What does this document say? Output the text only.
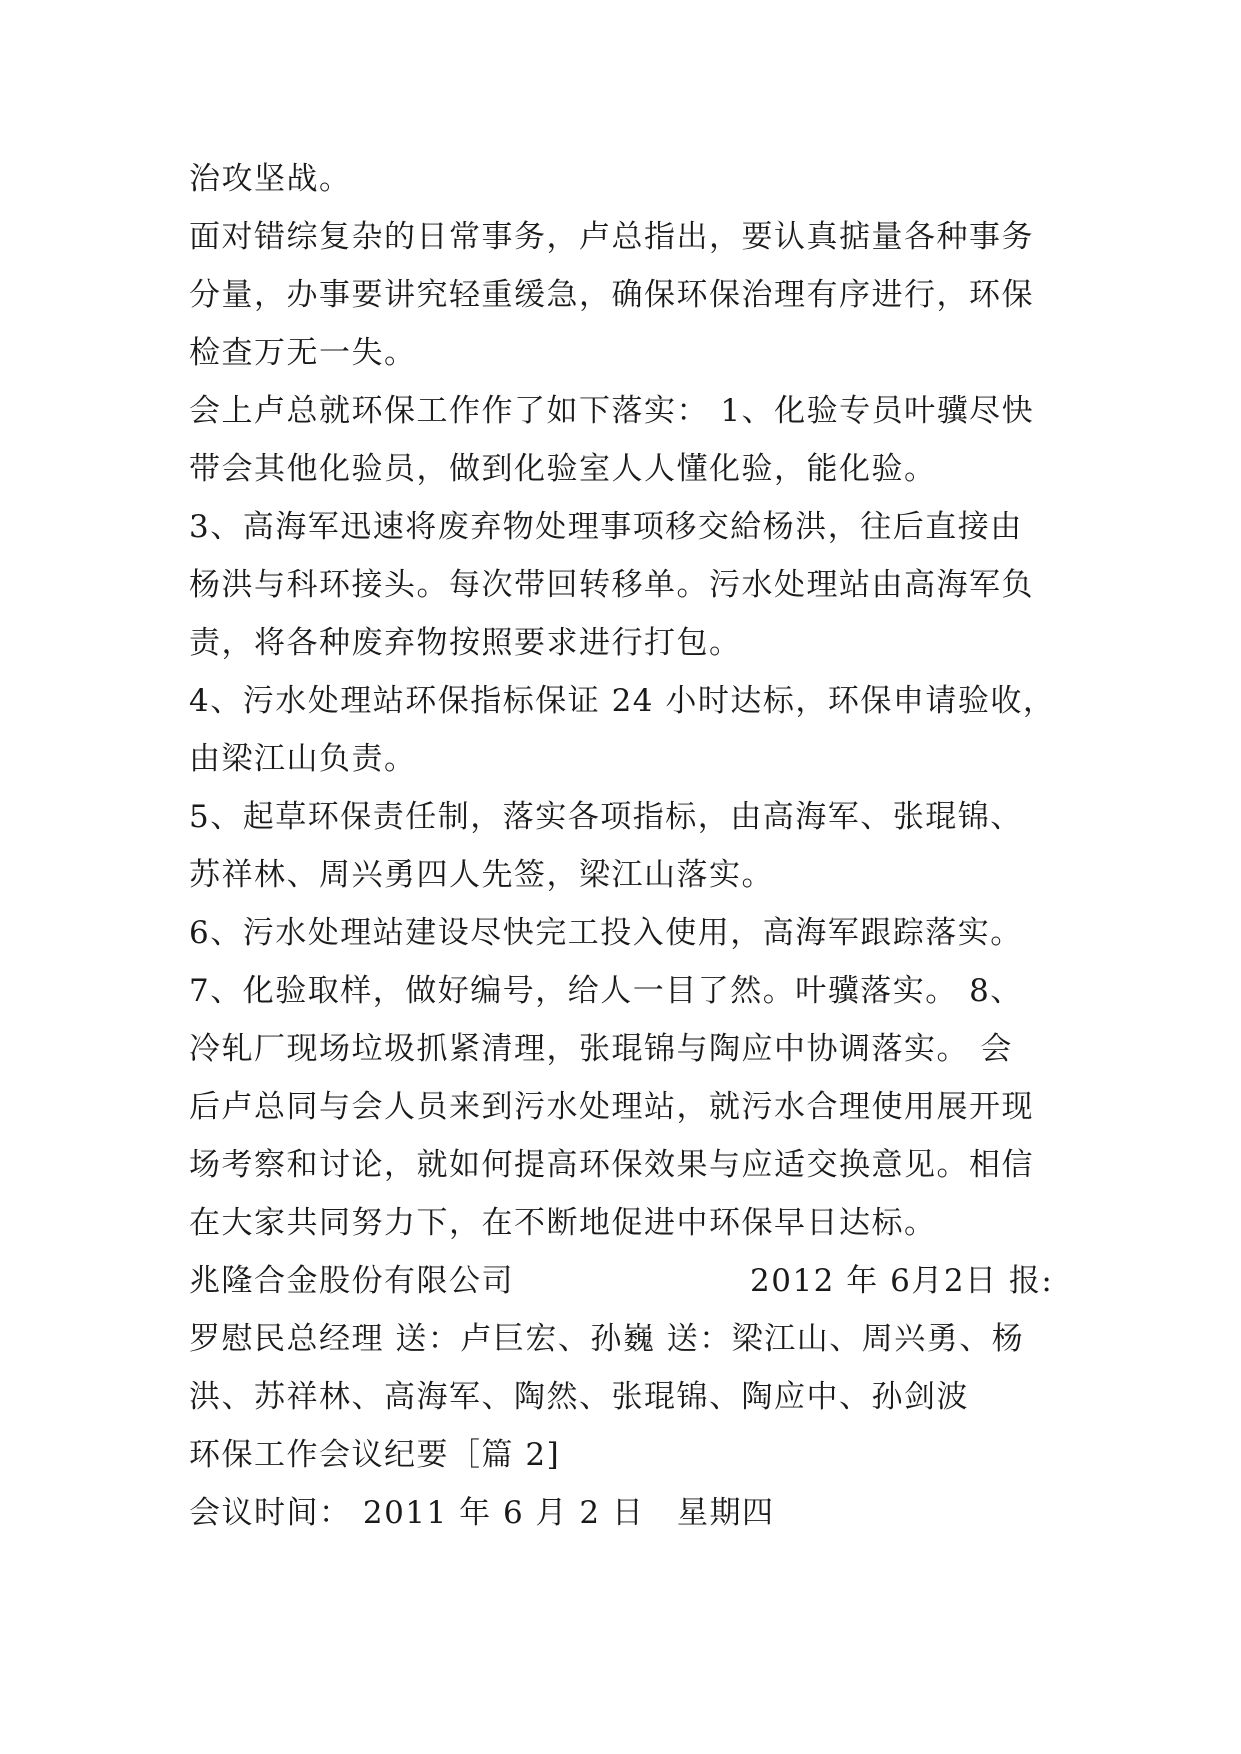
治攻坚战。
面对错综复杂的日常事务，卢总指出，要认真掂量各种事务
分量，办事要讲究轻重缓急，确保环保治理有序进行，环保
检查万无一失。
会上卢总就环保工作作了如下落实： 1、化验专员叶骥尽快
带会其他化验员，做到化验室人人懂化验，能化验。
3、高海军迅速将废弃物处理事项移交給杨洪，往后直接由
杨洪与科环接头。每次带回转移单。污水处理站由高海军负
责，将各种废弃物按照要求进行打包。
4、污水处理站环保指标保证 24 小时达标，环保申请验收，
由梁江山负责。
5、起草环保责任制，落实各项指标，由高海军、张琨锦、
苏祥林、周兴勇四人先签，梁江山落实。
6、污水处理站建设尽快完工投入使用，高海军跟踪落实。
7、化验取样，做好编号，给人一目了然。叶骥落实。 8、
冷轧厂现场垃圾抓紧清理，张琨锦与陶应中协调落实。 会
后卢总同与会人员来到污水处理站，就污水合理使用展开现
场考察和讨论，就如何提高环保效果与应适交换意见。相信
在大家共同努力下，在不断地促进中环保早日达标。
兆隆合金股份有限公司	2012 年 6月2日 报:
罗慰民总经理 送：卢巨宏、孙巍 送：梁江山、周兴勇、杨
洪、苏祥林、高海军、陶然、张琨锦、陶应中、孙剑波
环保工作会议纪要［篇 2]
会议时间： 2011 年 6 月 2 日　星期四
